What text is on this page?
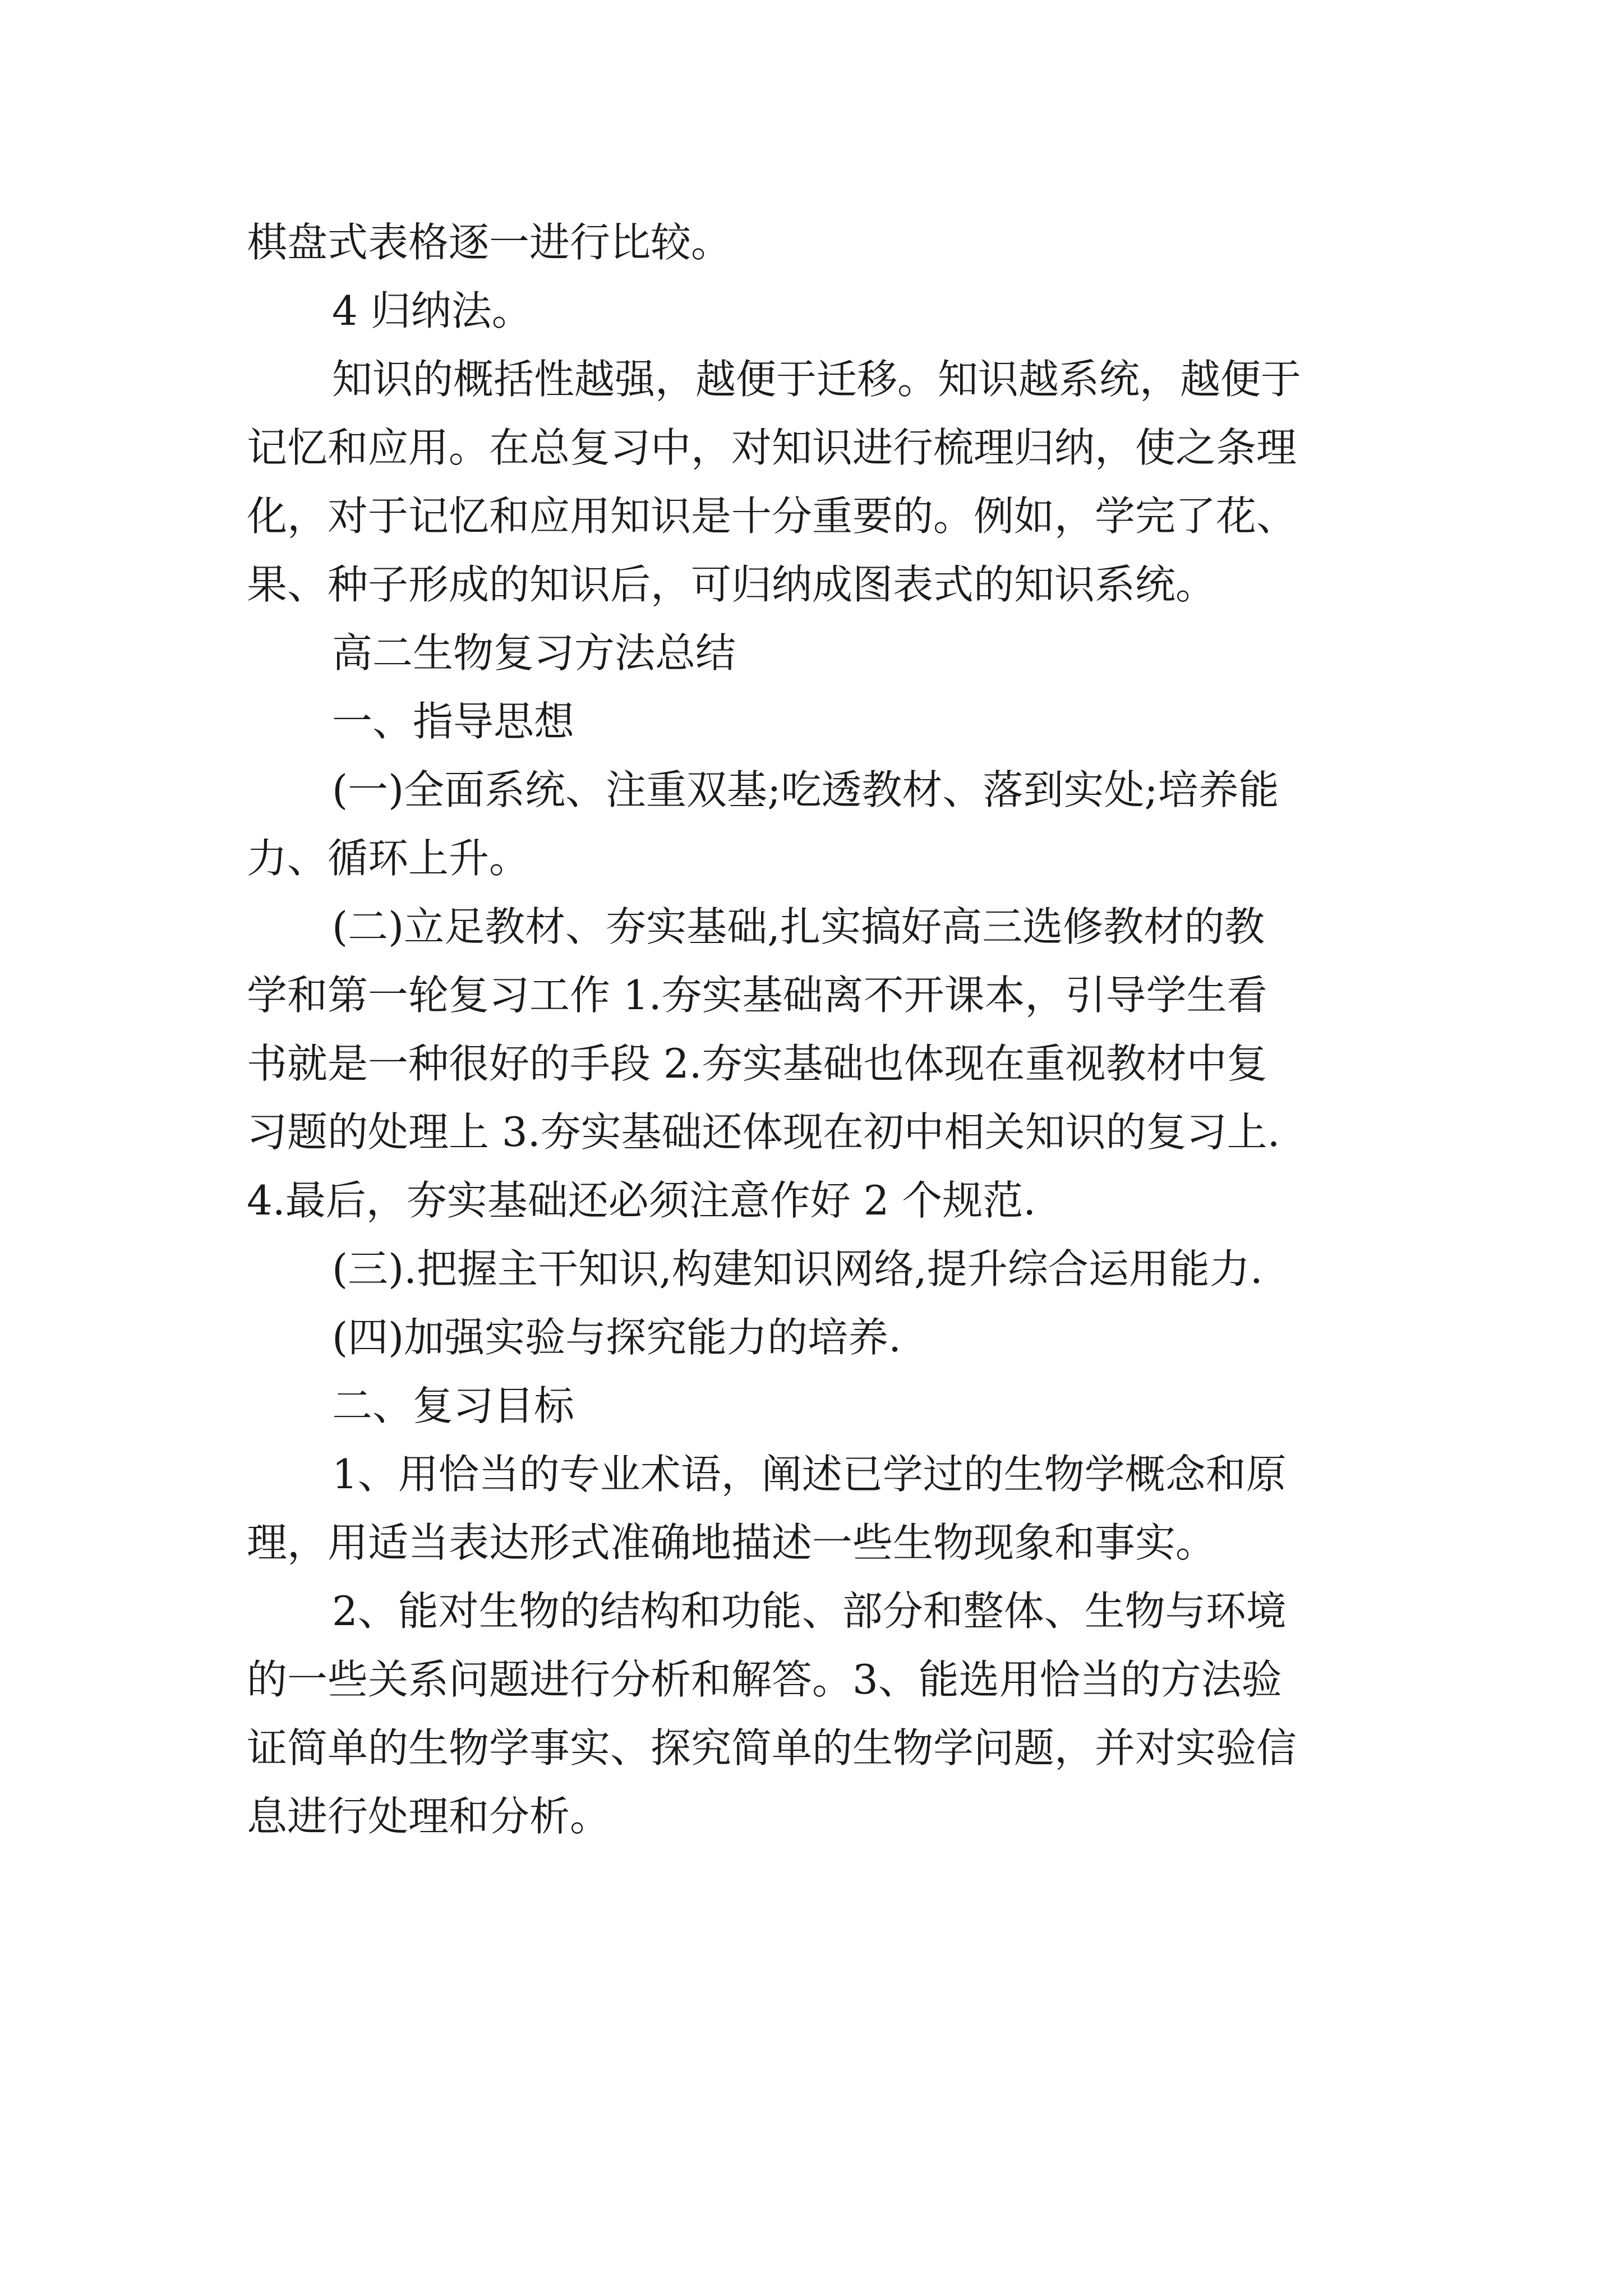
棋盘式表格逐一进行比较。

4 归纳法。

知识的概括性越强，越便于迁移。知识越系统，越便于

记忆和应用。在总复习中，对知识进行梳理归纳，使之条理

化，对于记忆和应用知识是十分重要的。例如，学完了花、

果、种子形成的知识后，可归纳成图表式的知识系统。

高二生物复习方法总结

一、指导思想

(一)全面系统、注重双基;吃透教材、落到实处;培养能

力、循环上升。

(二)立足教材、夯实基础,扎实搞好高三选修教材的教

学和第一轮复习工作 1.夯实基础离不开课本，引导学生看

书就是一种很好的手段 2.夯实基础也体现在重视教材中复

习题的处理上 3.夯实基础还体现在初中相关知识的复习上.

4.最后，夯实基础还必须注意作好 2 个规范.

(三).把握主干知识,构建知识网络,提升综合运用能力.

(四)加强实验与探究能力的培养.

二、复习目标

1、用恰当的专业术语，阐述已学过的生物学概念和原

理，用适当表达形式准确地描述一些生物现象和事实。

2、能对生物的结构和功能、部分和整体、生物与环境

的一些关系问题进行分析和解答。3、能选用恰当的方法验

证简单的生物学事实、探究简单的生物学问题，并对实验信

息进行处理和分析。
